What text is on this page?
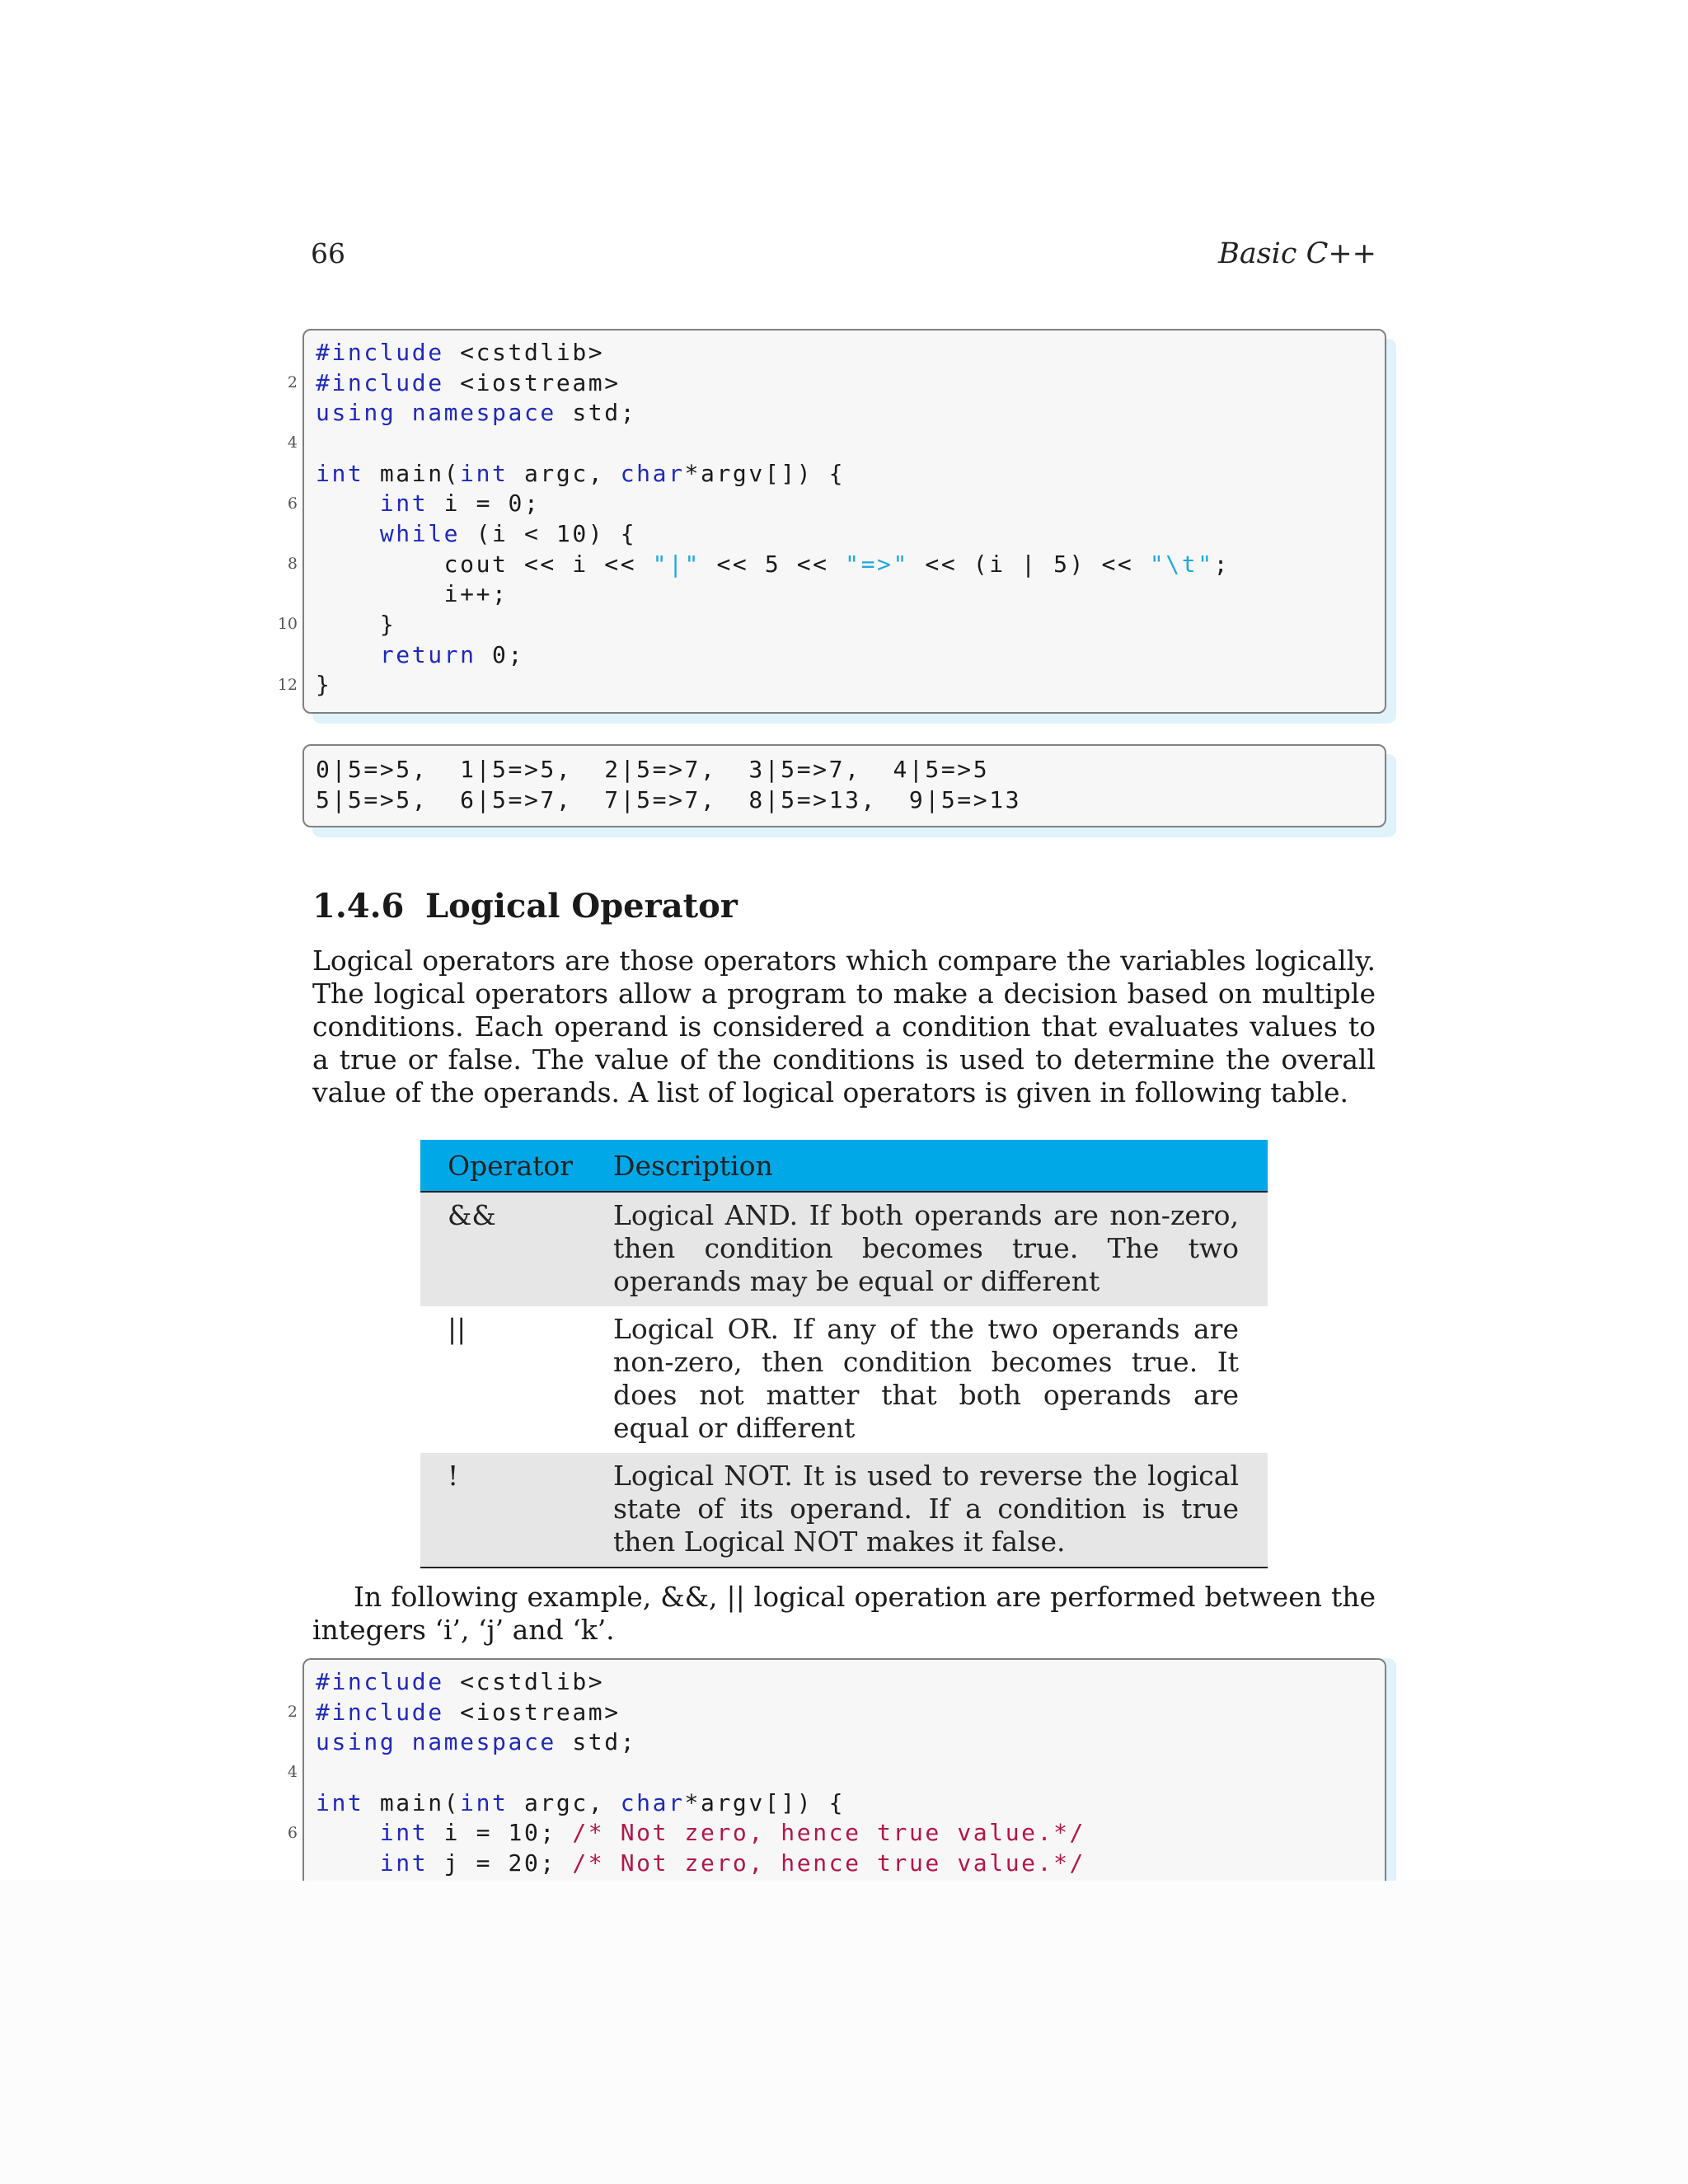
66	Basic C++
#include <cstdlib>
#include <iostream>
using namespace std;
int main(int argc, char*argv[]) {
int i = 0;
while (i < 10) {
cout << i << "|" << 5 << "=>" << (i | 5) << "\t";
i++;
}
return 0;
}
2
4
6
8
10
12
0|5=>5,  1|5=>5,  2|5=>7,  3|5=>7,  4|5=>5
5|5=>5,  6|5=>7,  7|5=>7,  8|5=>13,  9|5=>13
1.4.6 Logical Operator
Logical operators are those operators which compare the variables logically. The logical operators allow a program to make a decision based on multiple conditions. Each operand is considered a condition that evaluates values to a true or false. The value of the conditions is used to determine the overall value of the operands. A list of logical operators is given in following table.
Operator Description
&&	Logical AND. If both operands are non-zero, then condition becomes true. The two operands may be equal or different
||	Logical OR. If any of the two operands are non-zero, then condition becomes true. It does not matter that both operands are equal or different
!	Logical NOT. It is used to reverse the logical state of its operand. If a condition is true then Logical NOT makes it false.
In following example, &&, || logical operation are performed between the integers ‘i’, ‘j’ and ‘k’.
#include <cstdlib>
#include <iostream>
using namespace std;
int main(int argc, char*argv[]) {
int i = 10; /* Not zero, hence true value.*/
int j = 20; /* Not zero, hence true value.*/
2
4
6
